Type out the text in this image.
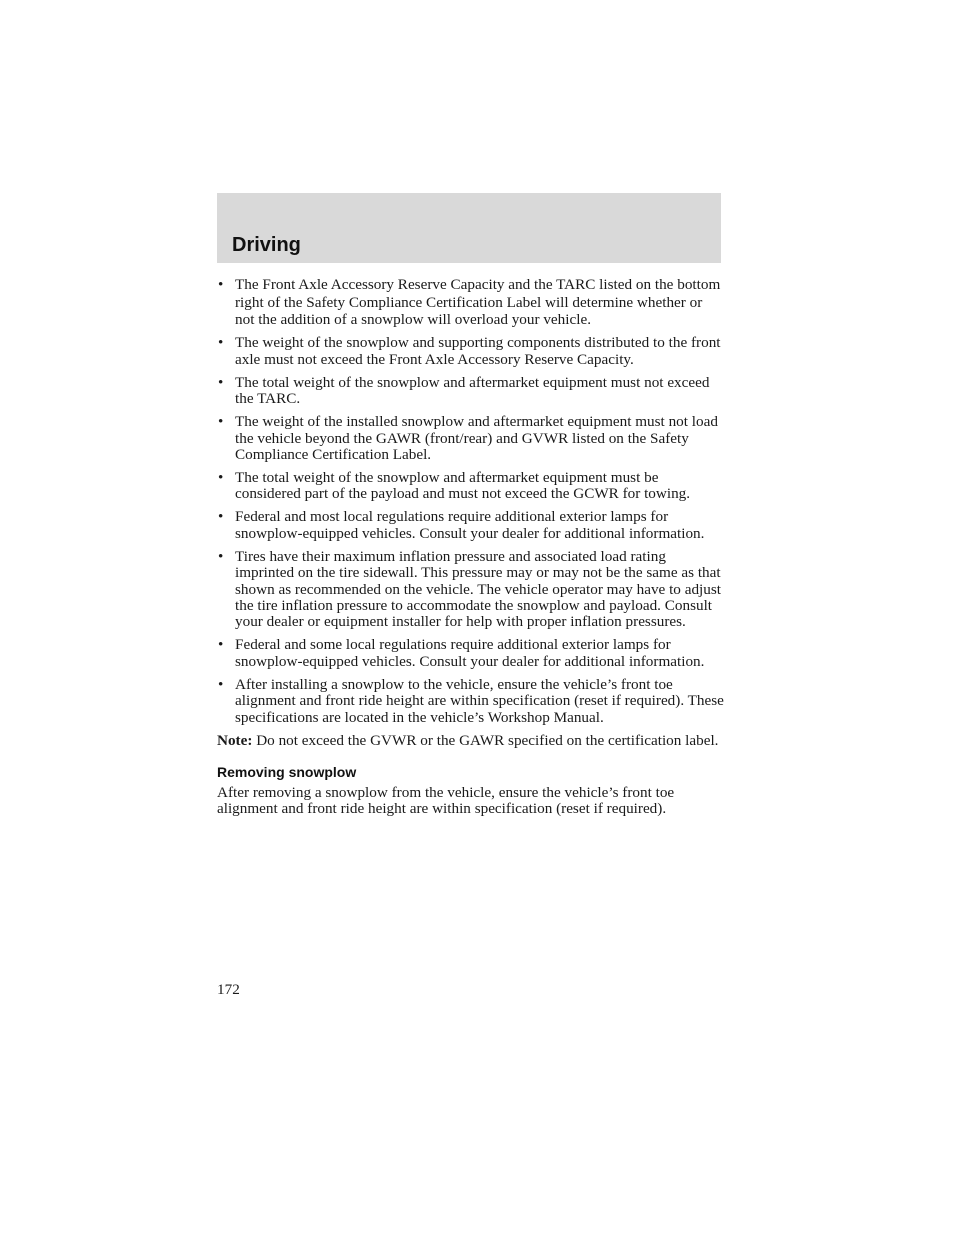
Driving
• The Front Axle Accessory Reserve Capacity and the TARC listed on the bottom right of the Safety Compliance Certification Label will determine whether or not the addition of a snowplow will overload your vehicle.
• The weight of the snowplow and supporting components distributed to the front axle must not exceed the Front Axle Accessory Reserve Capacity.
• The total weight of the snowplow and aftermarket equipment must not exceed the TARC.
• The weight of the installed snowplow and aftermarket equipment must not load the vehicle beyond the GAWR (front/rear) and GVWR listed on the Safety Compliance Certification Label.
• The total weight of the snowplow and aftermarket equipment must be considered part of the payload and must not exceed the GCWR for towing.
• Federal and most local regulations require additional exterior lamps for snowplow-equipped vehicles. Consult your dealer for additional information.
• Tires have their maximum inflation pressure and associated load rating imprinted on the tire sidewall. This pressure may or may not be the same as that shown as recommended on the vehicle. The vehicle operator may have to adjust the tire inflation pressure to accommodate the snowplow and payload. Consult your dealer or equipment installer for help with proper inflation pressures.
• Federal and some local regulations require additional exterior lamps for snowplow-equipped vehicles. Consult your dealer for additional information.
• After installing a snowplow to the vehicle, ensure the vehicle’s front toe alignment and front ride height are within specification (reset if required). These specifications are located in the vehicle’s Workshop Manual.

Note: Do not exceed the GVWR or the GAWR specified on the certification label.

Removing snowplow

After removing a snowplow from the vehicle, ensure the vehicle’s front toe alignment and front ride height are within specification (reset if required).

172
